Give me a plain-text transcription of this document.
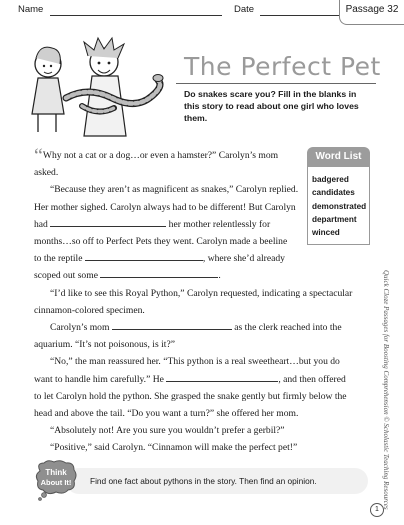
Name	Date	Passage 32
The Perfect Pet
Do snakes scare you? Fill in the blanks in this story to read about one girl who loves them.

“Why not a cat or a dog…or even a hamster?” Carolyn’s mom asked.

“Because they aren’t as magnificent as snakes,” Carolyn replied.

Her mother sighed. Carolyn always had to be different! But Carolyn

had	her mother relentlessly for

months…so off to Perfect Pets they went. Carolyn made a beeline

to the reptile	, where she’d already

scoped out some	.

“I’d like to see this Royal Python,” Carolyn requested, indicating a spectacular cinnamon-colored specimen.

Carolyn’s mom	as the clerk reached into the

aquarium. “It’s not poisonous, is it?”

“No,” the man reassured her. “This python is a real sweetheart…but you do

want to handle him carefully.” He	, and then offered

to let Carolyn hold the python. She grasped the snake gently but firmly below the head and above the tail. “Do you want a turn?” she offered her mom.

“Absolutely not! Are you sure you wouldn’t prefer a gerbil?”

“Positive,” said Carolyn. “Cinnamon will make the perfect pet!”

Word List
badgered
candidates
demonstrated
department
winced
Quick Cloze Passages for Boosting Comprehension © Scholastic Teaching Resources
Think
About It! Find one fact about pythons in the story. Then find an opinion.
1
